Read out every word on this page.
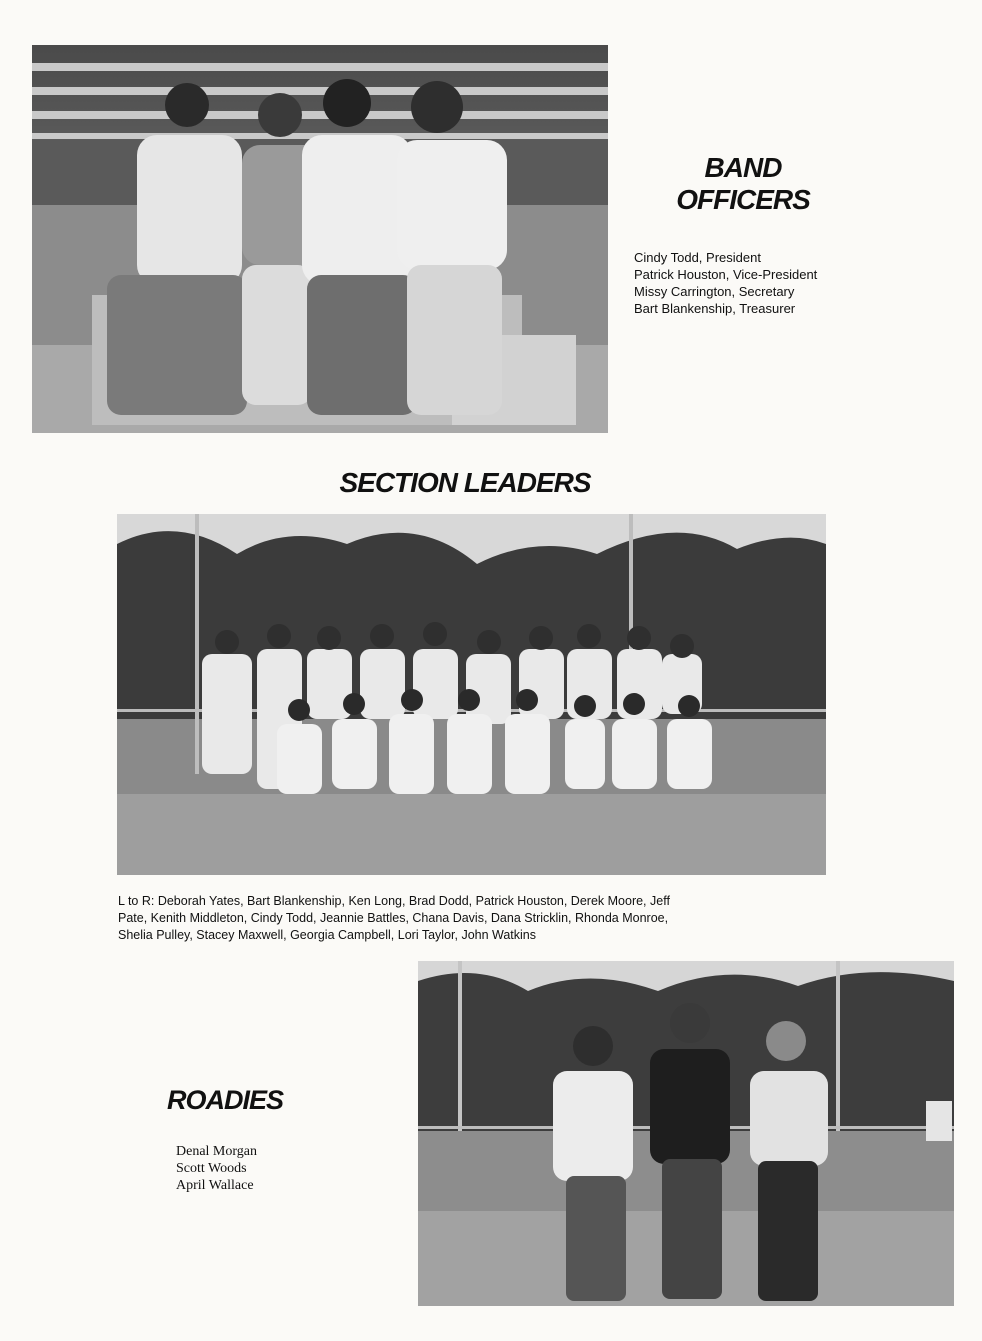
BAND
OFFICERS
Cindy Todd, President
Patrick Houston, Vice-President
Missy Carrington, Secretary
Bart Blankenship, Treasurer
SECTION LEADERS
L to R: Deborah Yates, Bart Blankenship, Ken Long, Brad Dodd, Patrick Houston, Derek Moore, Jeff
Pate, Kenith Middleton, Cindy Todd, Jeannie Battles, Chana Davis, Dana Stricklin, Rhonda Monroe,
Shelia Pulley, Stacey Maxwell, Georgia Campbell, Lori Taylor, John Watkins
ROADIES
Denal Morgan
Scott Woods
April Wallace
